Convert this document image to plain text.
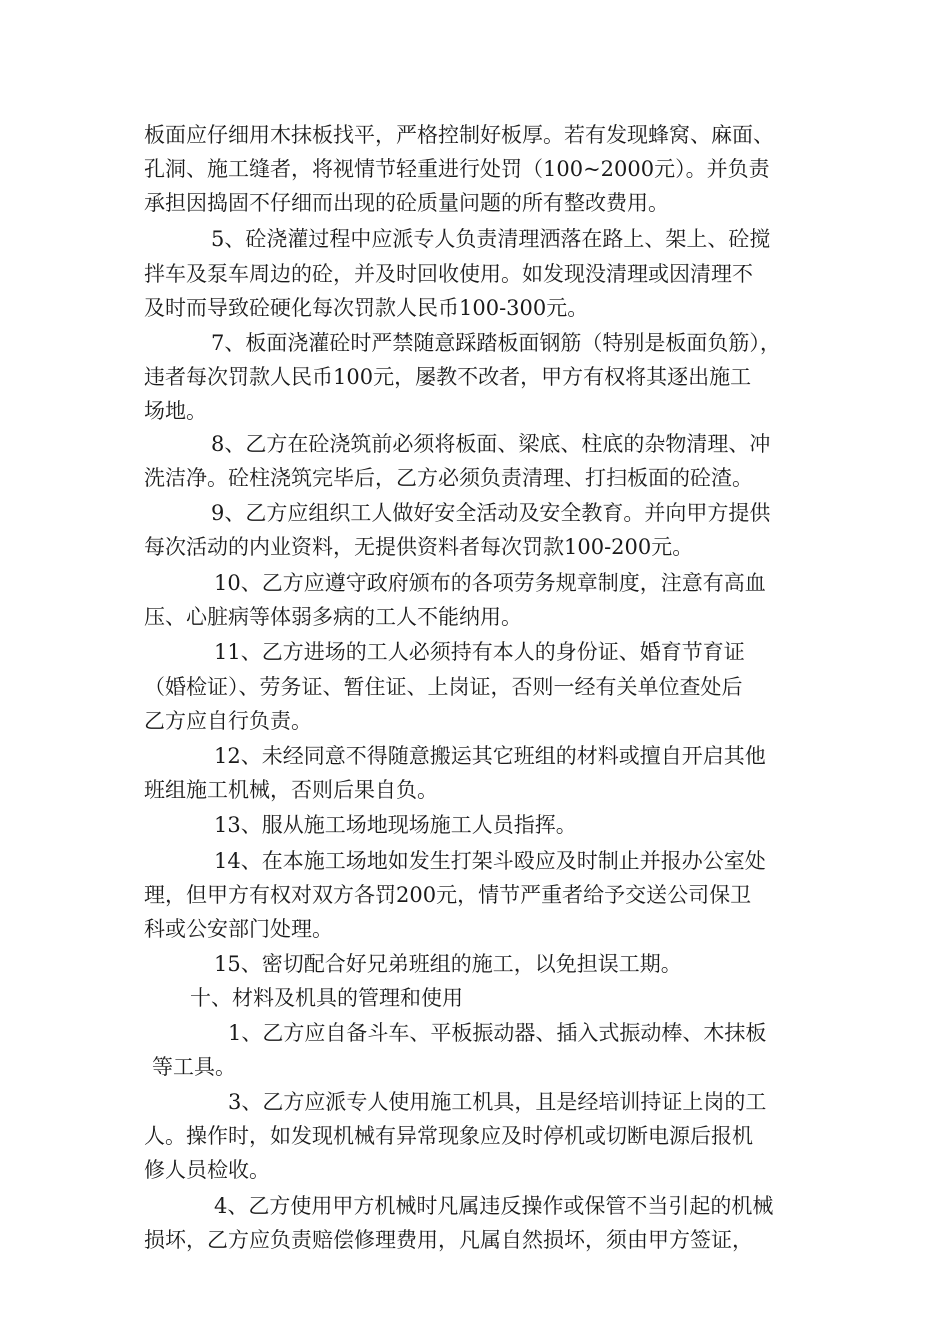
板面应仔细用木抹板找平，严格控制好板厚。若有发现蜂窝、麻面、
孔洞、施工缝者，将视情节轻重进行处罚（100~2000元）。并负责
承担因捣固不仔细而出现的砼质量问题的所有整改费用。
5、砼浇灌过程中应派专人负责清理洒落在路上、架上、砼搅
拌车及泵车周边的砼，并及时回收使用。如发现没清理或因清理不
及时而导致砼硬化每次罚款人民币100-300元。
7、板面浇灌砼时严禁随意踩踏板面钢筋（特别是板面负筋），
违者每次罚款人民币100元，屡教不改者，甲方有权将其逐出施工
场地。
8、乙方在砼浇筑前必须将板面、梁底、柱底的杂物清理、冲
洗洁净。砼柱浇筑完毕后，乙方必须负责清理、打扫板面的砼渣。
9、乙方应组织工人做好安全活动及安全教育。并向甲方提供
每次活动的内业资料，无提供资料者每次罚款100-200元。
10、乙方应遵守政府颁布的各项劳务规章制度，注意有高血
压、心脏病等体弱多病的工人不能纳用。
11、乙方进场的工人必须持有本人的身份证、婚育节育证
（婚检证）、劳务证、暂住证、上岗证，否则一经有关单位查处后
乙方应自行负责。
12、未经同意不得随意搬运其它班组的材料或擅自开启其他
班组施工机械，否则后果自负。
13、服从施工场地现场施工人员指挥。
14、在本施工场地如发生打架斗殴应及时制止并报办公室处
理，但甲方有权对双方各罚200元，情节严重者给予交送公司保卫
科或公安部门处理。
15、密切配合好兄弟班组的施工，以免担误工期。
十、材料及机具的管理和使用
1、乙方应自备斗车、平板振动器、插入式振动棒、木抹板
等工具。
3、乙方应派专人使用施工机具，且是经培训持证上岗的工
人。操作时，如发现机械有异常现象应及时停机或切断电源后报机
修人员检收。
4、乙方使用甲方机械时凡属违反操作或保管不当引起的机械
损坏，乙方应负责赔偿修理费用，凡属自然损坏，须由甲方签证，
